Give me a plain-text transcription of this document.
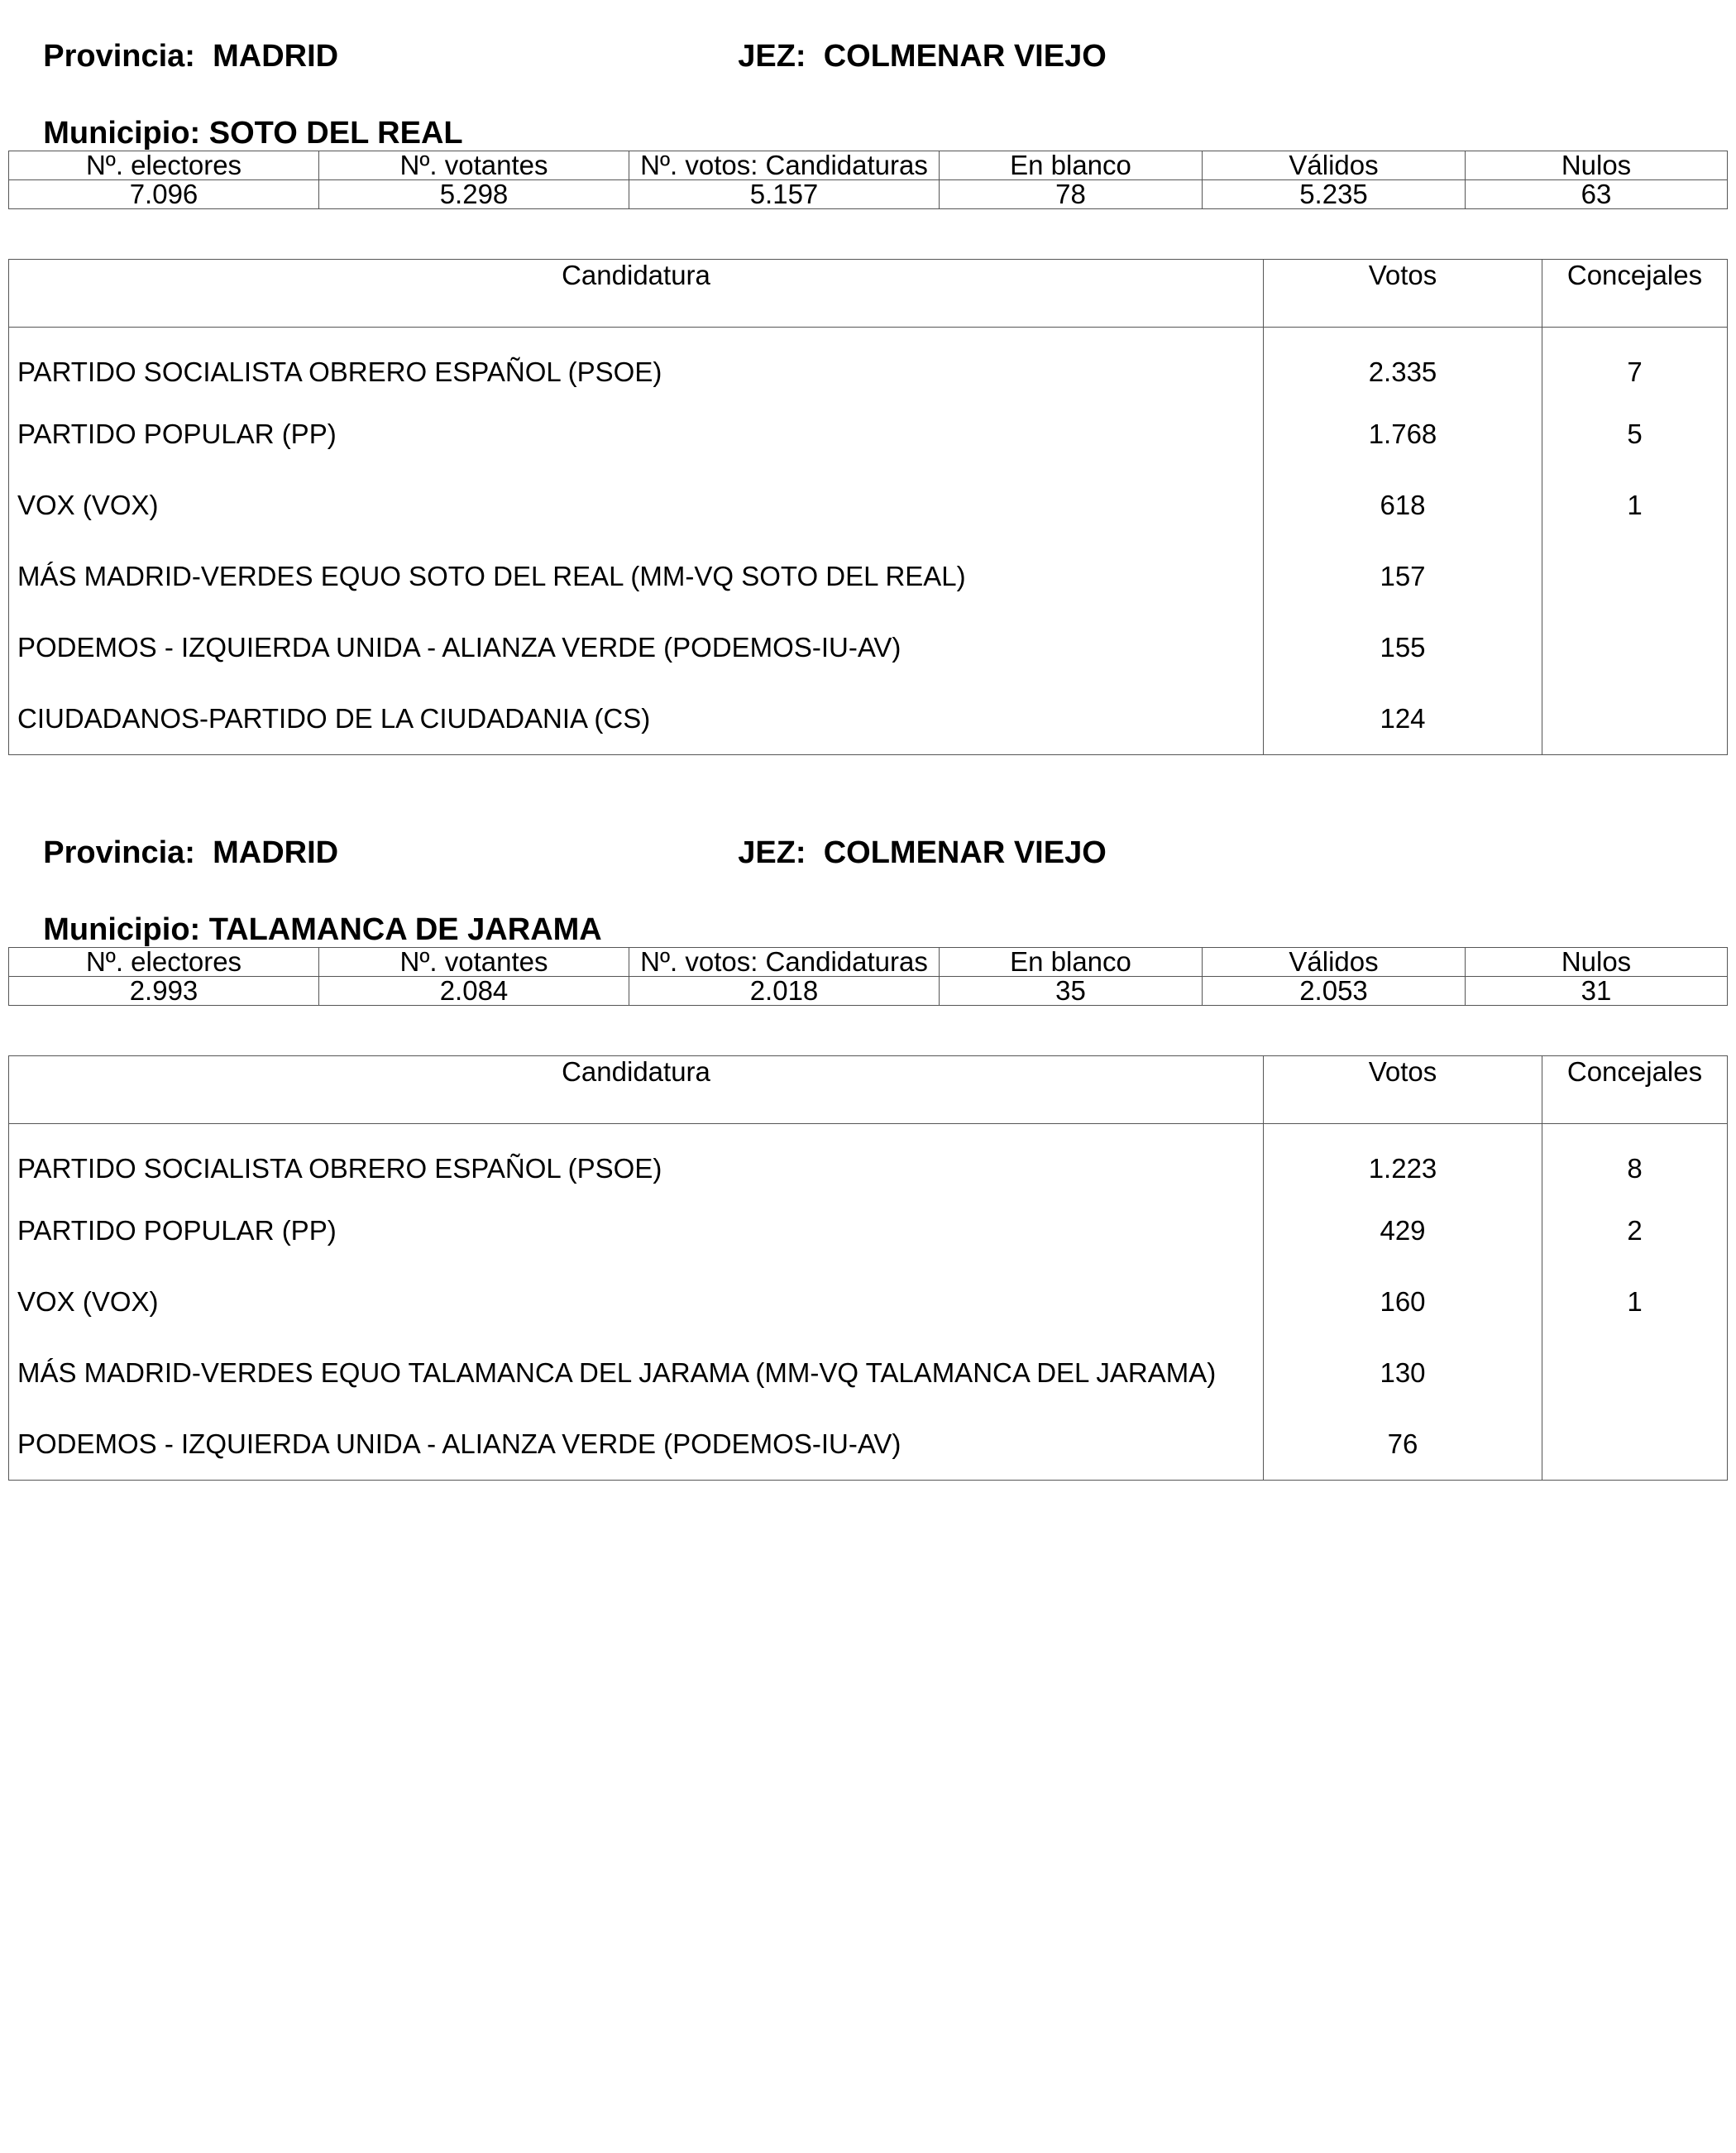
Provincia: MADRID
	JEZ: COLMENAR VIEJO

Municipio: SOTO DEL REAL

Nº. electores	Nº. votantes	Nº. votos: Candidaturas	En blanco	Válidos	Nulos
7.096	5.298	5.157	78	5.235	63
Candidatura	Votos	Concejales
PARTIDO SOCIALISTA OBRERO ESPAÑOL (PSOE)	2.335	7
PARTIDO POPULAR (PP)	1.768	5
VOX (VOX)	618	1
MÁS MADRID-VERDES EQUO SOTO DEL REAL (MM-VQ SOTO DEL REAL)	157	
PODEMOS - IZQUIERDA UNIDA - ALIANZA VERDE (PODEMOS-IU-AV)	155	
CIUDADANOS-PARTIDO DE LA CIUDADANIA (CS)	124	

Provincia: MADRID
	JEZ: COLMENAR VIEJO

Municipio: TALAMANCA DE JARAMA

Nº. electores	Nº. votantes	Nº. votos: Candidaturas	En blanco	Válidos	Nulos
2.993	2.084	2.018	35	2.053	31
Candidatura	Votos	Concejales
PARTIDO SOCIALISTA OBRERO ESPAÑOL (PSOE)	1.223	8
PARTIDO POPULAR (PP)	429	2
VOX (VOX)	160	1
MÁS MADRID-VERDES EQUO TALAMANCA DEL JARAMA (MM-VQ TALAMANCA DEL JARAMA)	130	
PODEMOS - IZQUIERDA UNIDA - ALIANZA VERDE (PODEMOS-IU-AV)	76	
